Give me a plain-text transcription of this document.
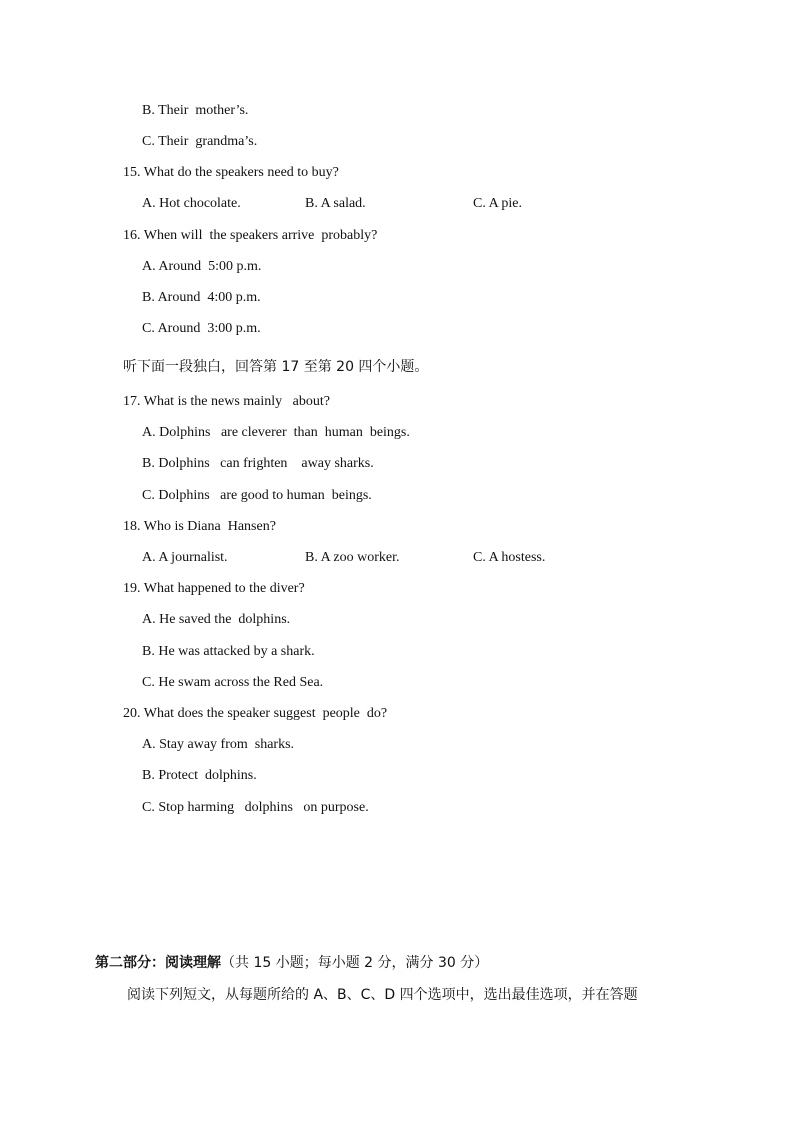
B. Their  mother’s.
C. Their  grandma’s.
15. What do the speakers need to buy?
A. Hot chocolate.	B. A salad.	C. A pie.
16. When will  the speakers arrive  probably?
A. Around  5:00 p.m.
B. Around  4:00 p.m.
C. Around  3:00 p.m.
听下面一段独白，回答第 17 至第 20 四个小题。
17. What is the news mainly   about?
A. Dolphins   are cleverer  than  human  beings.
B. Dolphins   can frighten    away sharks.
C. Dolphins   are good to human  beings.
18. Who is Diana  Hansen?
A. A journalist.	B. A zoo worker.	C. A hostess.
19. What happened to the diver?
A. He saved the  dolphins.
B. He was attacked by a shark.
C. He swam across the Red Sea.
20. What does the speaker suggest  people  do?
A. Stay away from  sharks.
B. Protect  dolphins.
C. Stop harming   dolphins   on purpose.
第二部分：阅读理解（共 15 小题；每小题 2 分，满分 30 分）
阅读下列短文，从每题所给的 A、B、C、D 四个选项中，选出最佳选项，并在答题
